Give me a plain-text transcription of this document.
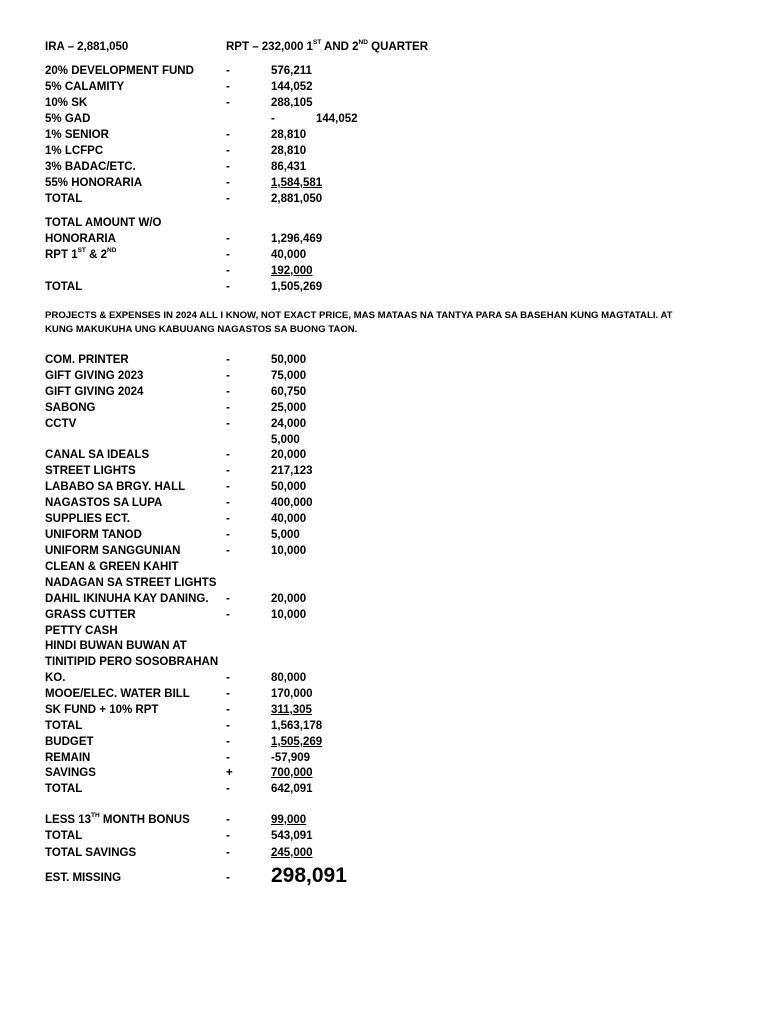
IRA – 2,881,050	RPT – 232,000 1ST AND 2ND QUARTER
20% DEVELOPMENT FUND	-	576,211
5% CALAMITY	-	144,052
10% SK	-	288,105
5% GAD	-	144,052
1% SENIOR	-	28,810
1% LCFPC	-	28,810
3% BADAC/ETC.	-	86,431
55% HONORARIA	-	1,584,581
TOTAL	-	2,881,050
TOTAL AMOUNT W/O
HONORARIA	-	1,296,469
RPT 1ST & 2ND	-	40,000
-	192,000
TOTAL	-	1,505,269
PROJECTS & EXPENSES IN 2024 ALL I KNOW, NOT EXACT PRICE, MAS MATAAS NA TANTYA PARA SA BASEHAN KUNG MAGTATALI. AT KUNG MAKUKUHA UNG KABUUANG NAGASTOS SA BUONG TAON.
COM. PRINTER	-	50,000
GIFT GIVING 2023	-	75,000
GIFT GIVING 2024	-	60,750
SABONG	-	25,000
CCTV	-	24,000
5,000
CANAL SA IDEALS	-	20,000
STREET LIGHTS	-	217,123
LABABO SA BRGY. HALL	-	50,000
NAGASTOS SA LUPA	-	400,000
SUPPLIES ECT.	-	40,000
UNIFORM TANOD	-	5,000
UNIFORM SANGGUNIAN	-	10,000
CLEAN & GREEN KAHIT
NADAGAN SA STREET LIGHTS
DAHIL IKINUHA KAY DANING. -	20,000
GRASS CUTTER	-	10,000
PETTY CASH
HINDI BUWAN BUWAN AT
TINITIPID PERO SOSOBRAHAN
KO.	-	80,000
MOOE/ELEC. WATER BILL	-	170,000
SK FUND + 10% RPT	-	311,305
TOTAL	-	1,563,178
BUDGET	-	1,505,269
REMAIN	-	-57,909
SAVINGS	+	700,000
TOTAL	-	642,091
LESS 13TH MONTH BONUS	-	99,000
TOTAL	-	543,091
TOTAL SAVINGS	-	245,000
EST. MISSING	- 298,091
